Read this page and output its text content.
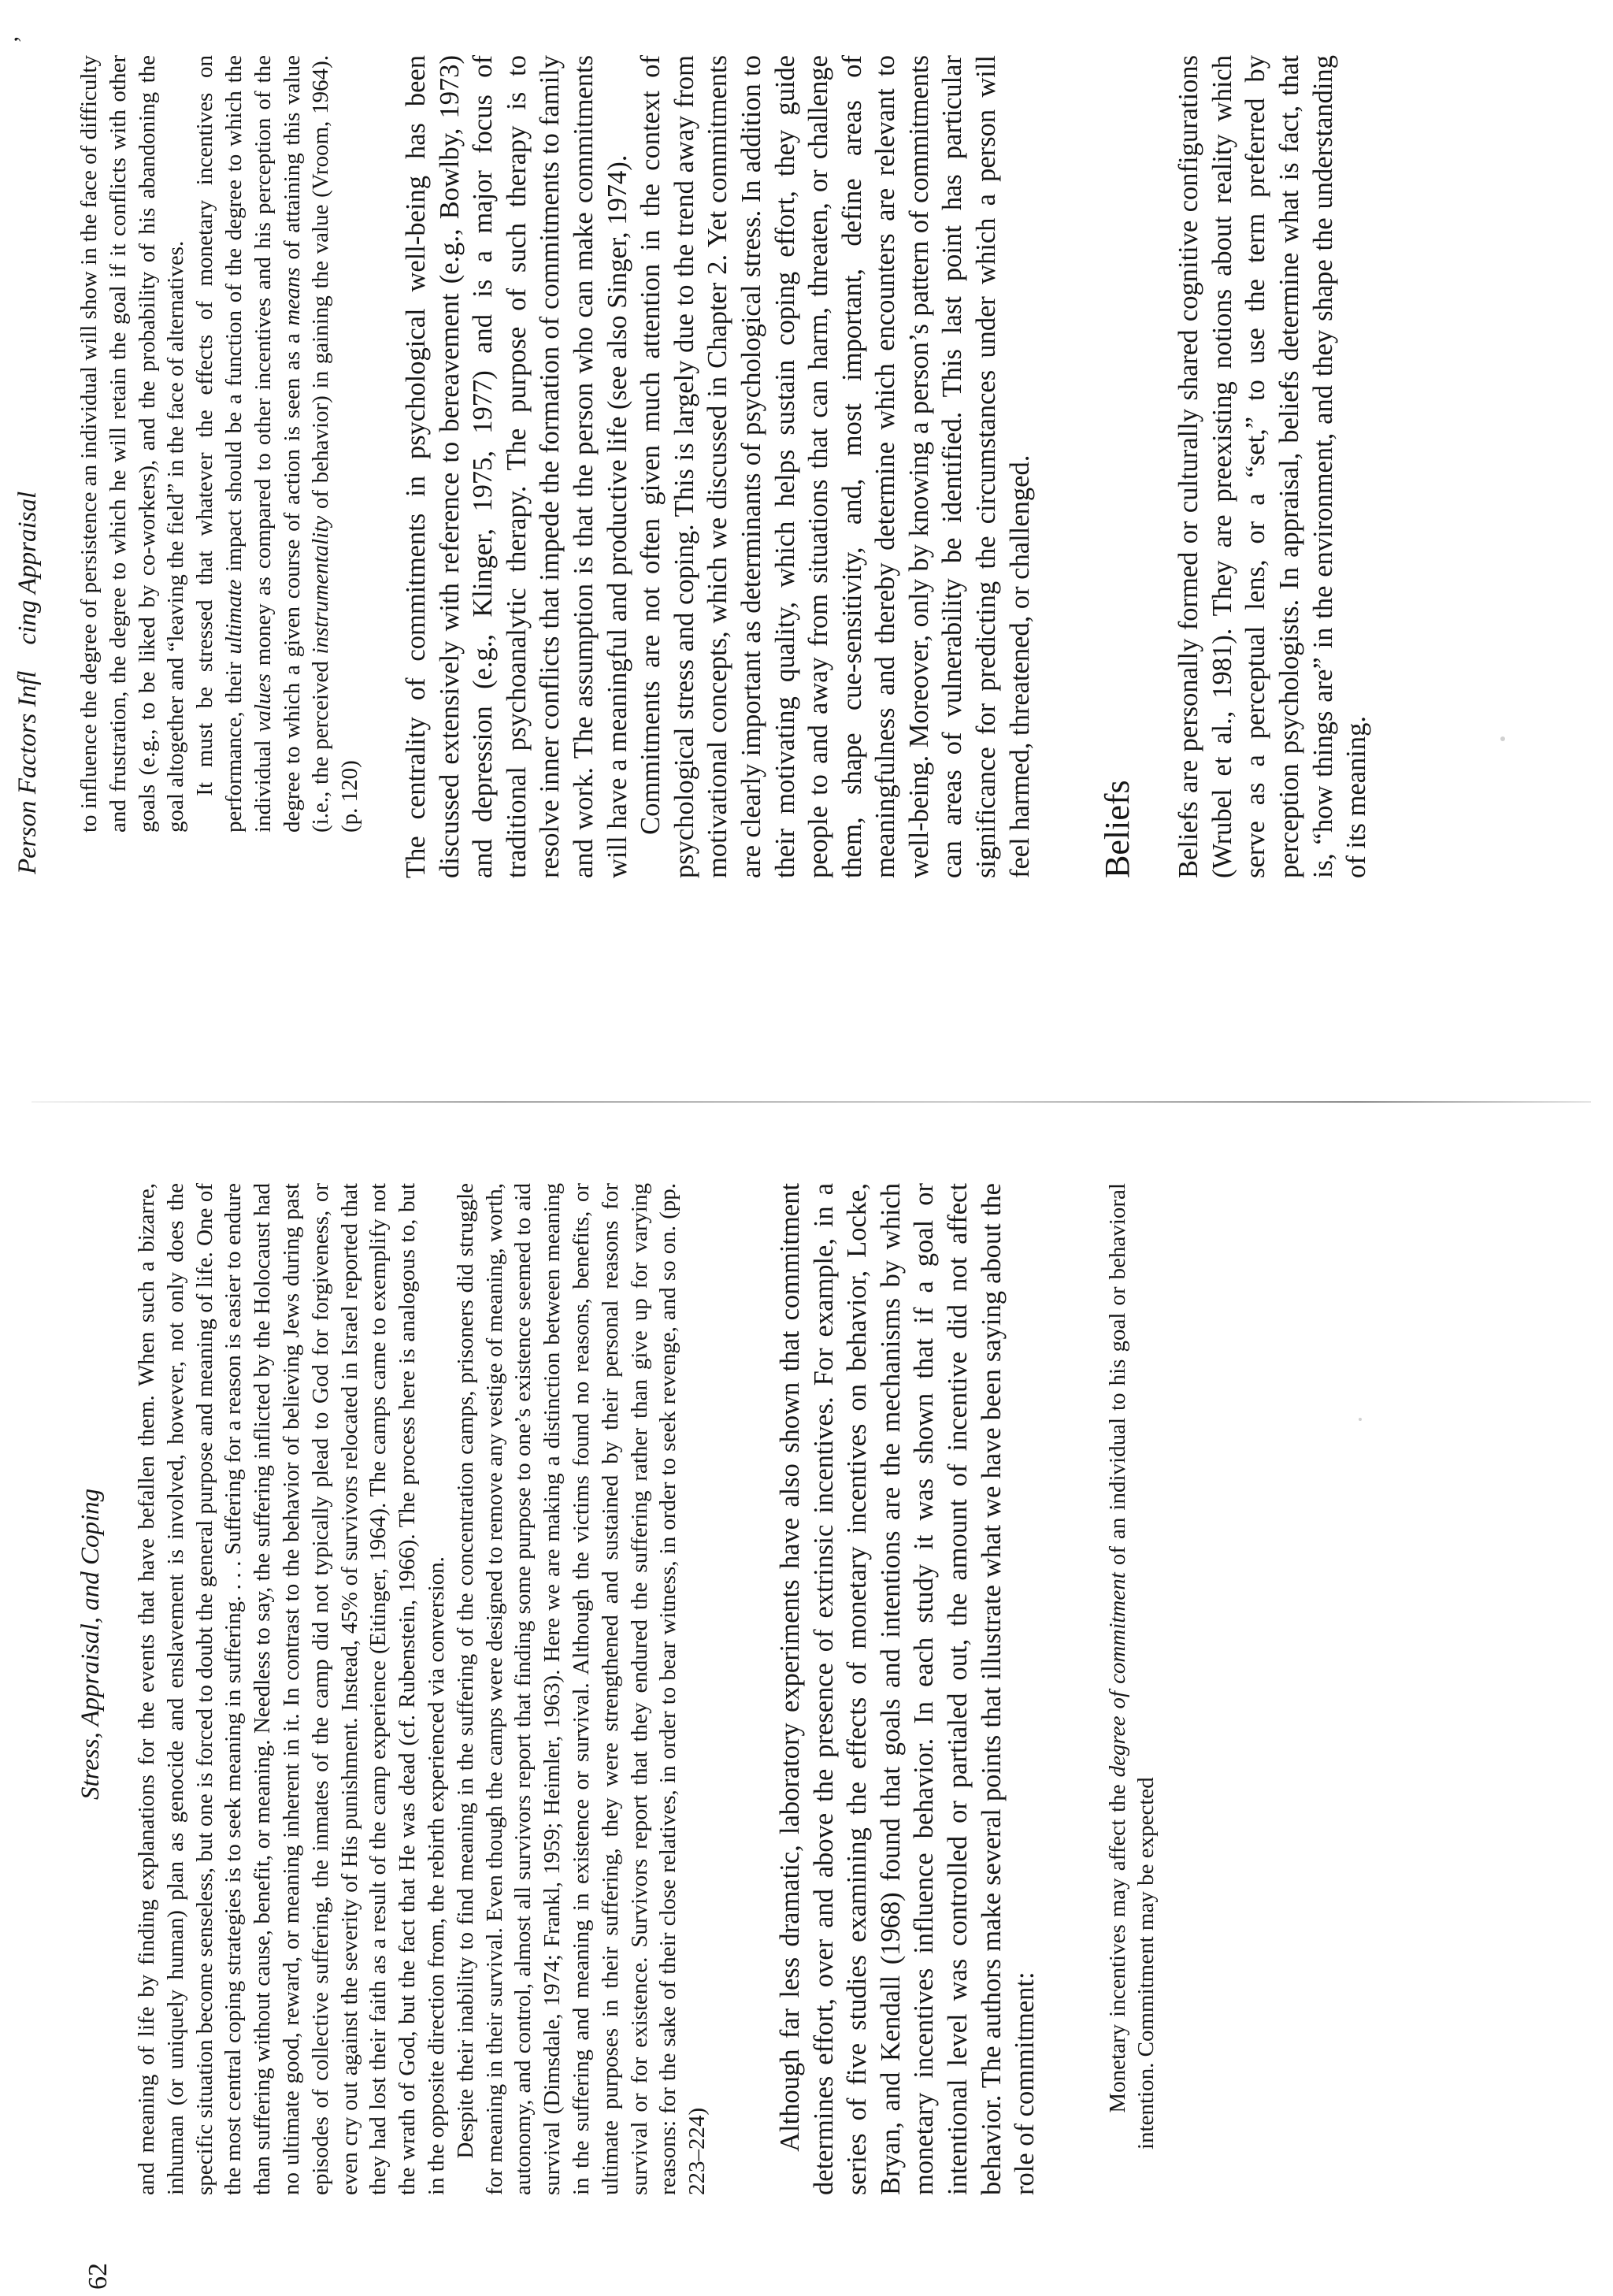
Person Factors Infl    cing Appraisal
’

to influence the degree of persistence an individual will show in the face of difficulty and frustration, the degree to which he will retain the goal if it conflicts with other goals (e.g., to be liked by co-workers), and the probability of his abandoning the goal altogether and “leaving the field” in the face of alternatives. It must be stressed that whatever the effects of monetary incentives on performance, their ultimate impact should be a function of the degree to which the individual values money as compared to other incentives and his perception of the degree to which a given course of action is seen as a means of attaining this value (i.e., the perceived instrumentality of behavior) in gaining the value (Vroom, 1964). (p. 120) The centrality of commitments in psychological well-being has been discussed extensively with reference to bereavement (e.g., Bowlby, 1973) and depression (e.g., Klinger, 1975, 1977) and is a major focus of traditional psychoanalytic therapy. The purpose of such therapy is to resolve inner conflicts that impede the formation of commitments to family and work. The assumption is that the person who can make commitments will have a meaningful and productive life (see also Singer, 1974). Commitments are not often given much attention in the context of psychological stress and coping. This is largely due to the trend away from motivational concepts, which we discussed in Chapter 2. Yet commitments are clearly important as determinants of psychological stress. In addition to their motivating quality, which helps sustain coping effort, they guide people to and away from situations that can harm, threaten, or challenge them, shape cue-sensitivity, and, most important, define areas of meaningfulness and thereby determine which encounters are relevant to well-being. Moreover, only by knowing a person’s pattern of commitments can areas of vulnerability be identified. This last point has particular significance for predicting the circumstances under which a person will feel harmed, threatened, or challenged. Beliefs Beliefs are personally formed or culturally shared cognitive configurations (Wrubel et al., 1981). They are preexisting notions about reality which serve as a perceptual lens, or a “set,” to use the term preferred by perception psychologists. In appraisal, beliefs determine what is fact, that is, “how things are” in the environment, and they shape the understanding of its meaning.

62
Stress, Appraisal, and Coping and meaning of life by finding explanations for the events that have befallen them. When such a bizarre, inhuman (or uniquely human) plan as genocide and enslavement is involved, however, not only does the specific situation become senseless, but one is forced to doubt the general purpose and meaning of life. One of the most central coping strategies is to seek meaning in suffering. . . . Suffering for a reason is easier to endure than suffering without cause, benefit, or meaning. Needless to say, the suffering inflicted by the Holocaust had no ultimate good, reward, or meaning inherent in it. In contrast to the behavior of believing Jews during past episodes of collective suffering, the inmates of the camp did not typically plead to God for forgiveness, or even cry out against the severity of His punishment. Instead, 45% of survivors relocated in Israel reported that they had lost their faith as a result of the camp experience (Eitinger, 1964). The camps came to exemplify not the wrath of God, but the fact that He was dead (cf. Rubenstein, 1966). The process here is analogous to, but in the opposite direction from, the rebirth experienced via conversion. Despite their inability to find meaning in the suffering of the concentration camps, prisoners did struggle for meaning in their survival. Even though the camps were designed to remove any vestige of meaning, worth, autonomy, and control, almost all survivors report that finding some purpose to one’s existence seemed to aid survival (Dimsdale, 1974; Frankl, 1959; Heimler, 1963). Here we are making a distinction between meaning in the suffering and meaning in existence or survival. Although the victims found no reasons, benefits, or ultimate purposes in their suffering, they were strengthened and sustained by their personal reasons for survival or for existence. Survivors report that they endured the suffering rather than give up for varying reasons: for the sake of their close relatives, in order to bear witness, in order to seek revenge, and so on. (pp. 223–224) Although far less dramatic, laboratory experiments have also shown that commitment determines effort, over and above the presence of extrinsic incentives. For example, in a series of five studies examining the effects of monetary incentives on behavior, Locke, Bryan, and Kendall (1968) found that goals and intentions are the mechanisms by which monetary incentives influence behavior. In each study it was shown that if a goal or intentional level was controlled or partialed out, the amount of incentive did not affect behavior. The authors make several points that illustrate what we have been saying about the role of commitment:	Monetary incentives may affect the degree of commitment of an individual to his goal or behavioral intention. Commitment may be expected
